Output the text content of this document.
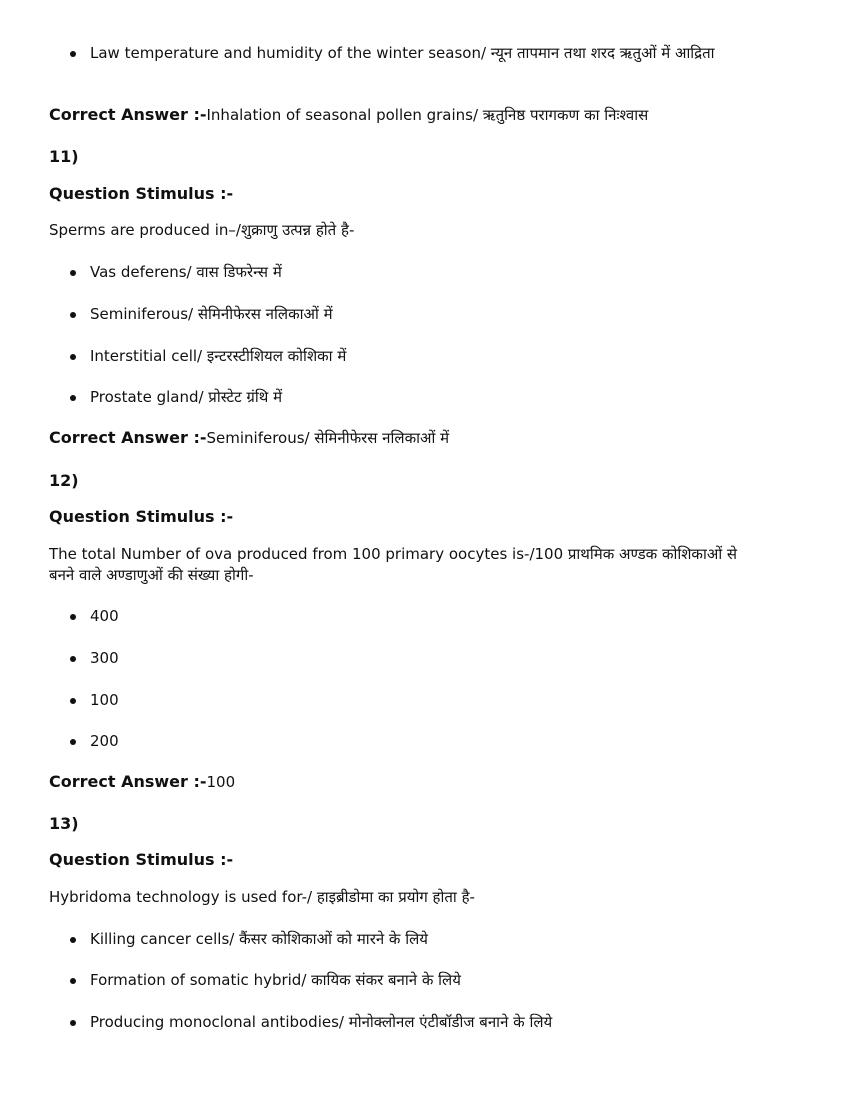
Law temperature and humidity of the winter season/ न्यून तापमान तथा शरद ऋतुओं में आद्रिता
Correct Answer :-Inhalation of seasonal pollen grains/ ऋतुनिष्ठ परागकण का निःश्वास
11)
Question Stimulus :-
Sperms are produced in–/शुक्राणु उत्पन्न होते है-
Vas deferens/ वास डिफरेन्स में
Seminiferous/ सेमिनीफेरस नलिकाओं में
Interstitial cell/ इन्टरस्टीशियल कोशिका में
Prostate gland/ प्रोस्टेट ग्रंथि में
Correct Answer :-Seminiferous/ सेमिनीफेरस नलिकाओं में
12)
Question Stimulus :-
The total Number of ova produced from 100 primary oocytes is-/100 प्राथमिक अण्डक कोशिकाओं से बनने वाले अण्डाणुओं की संख्या होगी-
400
300
100
200
Correct Answer :-100
13)
Question Stimulus :-
Hybridoma technology is used for-/ हाइब्रीडोमा का प्रयोग होता है-
Killing cancer cells/ कैंसर कोशिकाओं को मारने के लिये
Formation of somatic hybrid/ कायिक संकर बनाने के लिये
Producing monoclonal antibodies/ मोनोक्लोनल एंटीबॉडीज बनाने के लिये
